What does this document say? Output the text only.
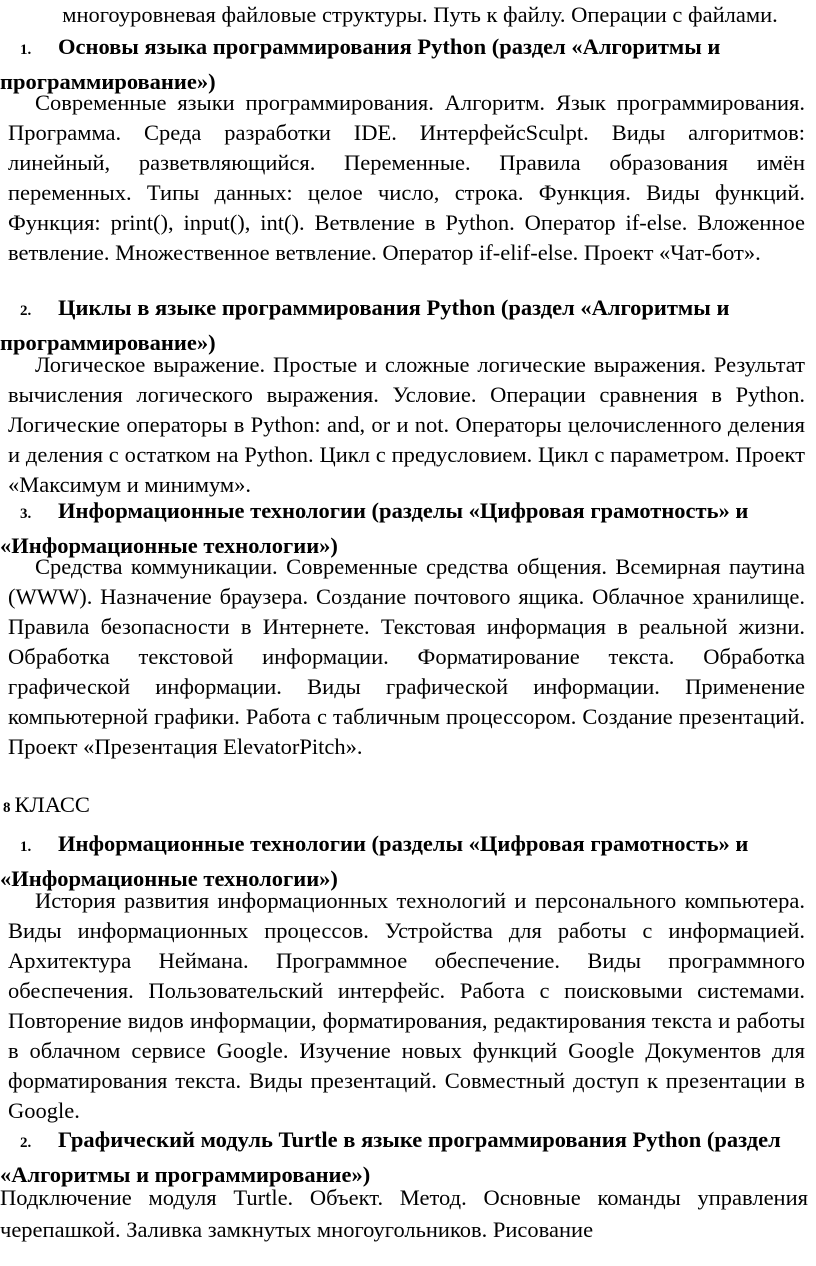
многоуровневая файловые структуры. Путь к файлу. Операции с файлами.
1. Основы языка программирования Python (раздел «Алгоритмы и программирование»)
Современные языки программирования. Алгоритм. Язык программирования. Программа. Среда разработки IDE. ИнтерфейсSculpt. Виды алгоритмов: линейный, разветвляющийся. Переменные. Правила образования имён переменных. Типы данных: целое число, строка. Функция. Виды функций. Функция: print(), input(), int(). Ветвление в Python. Оператор if-else. Вложенное ветвление. Множественное ветвление. Оператор if-elif-else. Проект «Чат-бот».
2. Циклы в языке программирования Python (раздел «Алгоритмы и программирование»)
Логическое выражение. Простые и сложные логические выражения. Результат вычисления логического выражения. Условие. Операции сравнения в Python. Логические операторы в Python: and, or и not. Операторы целочисленного деления и деления с остатком на Python. Цикл с предусловием. Цикл с параметром. Проект «Максимум и минимум».
3. Информационные технологии (разделы «Цифровая грамотность» и «Информационные технологии»)
Средства коммуникации. Современные средства общения. Всемирная паутина (WWW). Назначение браузера. Создание почтового ящика. Облачное хранилище. Правила безопасности в Интернете. Текстовая информация в реальной жизни. Обработка текстовой информации. Форматирование текста. Обработка графической информации. Виды графической информации. Применение компьютерной графики. Работа с табличным процессором. Создание презентаций. Проект «Презентация ElevatorPitch».
8 КЛАСС
1. Информационные технологии (разделы «Цифровая грамотность» и «Информационные технологии»)
История развития информационных технологий и персонального компьютера. Виды информационных процессов. Устройства для работы с информацией. Архитектура Неймана. Программное обеспечение. Виды программного обеспечения. Пользовательский интерфейс. Работа с поисковыми системами. Повторение видов информации, форматирования, редактирования текста и работы в облачном сервисе Google. Изучение новых функций Google Документов для форматирования текста. Виды презентаций. Совместный доступ к презентации в Google.
2. Графический модуль Turtle в языке программирования Python (раздел «Алгоритмы и программирование»)
Подключение модуля Turtle. Объект. Метод. Основные команды управления черепашкой. Заливка замкнутых многоугольников. Рисование
